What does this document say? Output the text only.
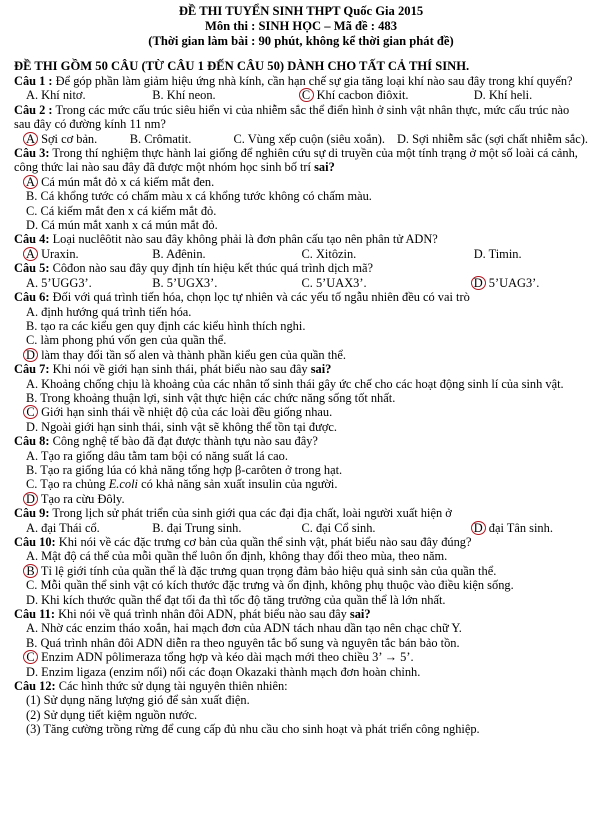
ĐỀ THI TUYỂN SINH THPT Quốc Gia 2015
Môn thi : SINH HỌC – Mã đề : 483
(Thời gian làm bài : 90 phút, không kể thời gian phát đề)
ĐỀ THI GỒM 50 CÂU (TỪ CÂU 1 ĐẾN CÂU 50) DÀNH CHO TẤT CẢ THÍ SINH.
Câu 1 : Để góp phần làm giảm hiệu ứng nhà kính, cần hạn chế sự gia tăng loại khí nào sau đây trong khí quyển?
A. Khí nitơ.	B. Khí neon.	C Khí cacbon điôxit.	D. Khí heli.
Câu 2 : Trong các mức cấu trúc siêu hiển vi của nhiễm sắc thể điển hình ở sinh vật nhân thực, mức cấu trúc nào sau đây có đường kính 11 nm?
A Sợi cơ bản.	B. Crômatit.	C. Vùng xếp cuộn (siêu xoắn). D. Sợi nhiễm sắc (sợi chất nhiễm sắc).
Câu 3: Trong thí nghiệm thực hành lai giống để nghiên cứu sự di truyền của một tính trạng ở một số loài cá cảnh, công thức lai nào sau đây đã được một nhóm học sinh bố trí sai?
A Cá mún mắt đỏ x cá kiếm mắt đen.
B. Cá khổng tước có chấm màu x cá khổng tước không có chấm màu.
C. Cá kiếm mắt đen x cá kiếm mắt đỏ.
D. Cá mún mắt xanh x cá mún mắt đỏ.
Câu 4: Loại nuclêôtit nào sau đây không phải là đơn phân cấu tạo nên phân tử ADN?
A Uraxin.	B. Ađênin.	C. Xitôzin.	D. Timin.
Câu 5: Côđon nào sau đây quy định tín hiệu kết thúc quá trình dịch mã?
A. 5’UGG3’.	B. 5’UGX3’.	C. 5’UAX3’.	D 5’UAG3’.
Câu 6: Đối với quá trình tiến hóa, chọn lọc tự nhiên và các yếu tố ngẫu nhiên đều có vai trò
A. định hướng quá trình tiến hóa.
B. tạo ra các kiểu gen quy định các kiểu hình thích nghi.
C. làm phong phú vốn gen của quần thể.
D làm thay đổi tần số alen và thành phần kiểu gen của quần thể.
Câu 7: Khi nói về giới hạn sinh thái, phát biểu nào sau đây sai?
A. Khoảng chống chịu là khoảng của các nhân tố sinh thái gây ức chế cho các hoạt động sinh lí của sinh vật.
B. Trong khoảng thuận lợi, sinh vật thực hiện các chức năng sống tốt nhất.
C Giới hạn sinh thái về nhiệt độ của các loài đều giống nhau.
D. Ngoài giới hạn sinh thái, sinh vật sẽ không thể tồn tại được.
Câu 8: Công nghệ tế bào đã đạt được thành tựu nào sau đây?
A. Tạo ra giống dâu tằm tam bội có năng suất lá cao.
B. Tạo ra giống lúa có khả năng tổng hợp β-carôten ở trong hạt.
C. Tạo ra chủng E.coli có khả năng sản xuất insulin của người.
D Tạo ra cừu Đôly.
Câu 9: Trong lịch sử phát triển của sinh giới qua các đại địa chất, loài người xuất hiện ở
A. đại Thái cổ.	B. đại Trung sinh.	C. đại Cổ sinh.	D đại Tân sinh.
Câu 10: Khi nói về các đặc trưng cơ bản của quần thể sinh vật, phát biểu nào sau đây đúng?
A. Mật độ cá thể của mỗi quần thể luôn ổn định, không thay đổi theo mùa, theo năm.
B Tỉ lệ giới tính của quần thể là đặc trưng quan trọng đảm bảo hiệu quả sinh sản của quần thể.
C. Mỗi quần thể sinh vật có kích thước đặc trưng và ổn định, không phụ thuộc vào điều kiện sống.
D. Khi kích thước quần thể đạt tối đa thì tốc độ tăng trưởng của quần thể là lớn nhất.
Câu 11: Khi nói về quá trình nhân đôi ADN, phát biểu nào sau đây sai?
A. Nhờ các enzim tháo xoắn, hai mạch đơn của ADN tách nhau dần tạo nên chạc chữ Y.
B. Quá trình nhân đôi ADN diễn ra theo nguyên tắc bổ sung và nguyên tắc bán bảo tồn.
C Enzim ADN pôlimeraza tổng hợp và kéo dài mạch mới theo chiều 3’ → 5’.
D. Enzim ligaza (enzim nối) nối các đoạn Okazaki thành mạch đơn hoàn chỉnh.
Câu 12: Các hình thức sử dụng tài nguyên thiên nhiên:
(1) Sử dụng năng lượng gió để sản xuất điện.
(2) Sử dụng tiết kiệm nguồn nước.
(3) Tăng cường trồng rừng để cung cấp đủ nhu cầu cho sinh hoạt và phát triển công nghiệp.
